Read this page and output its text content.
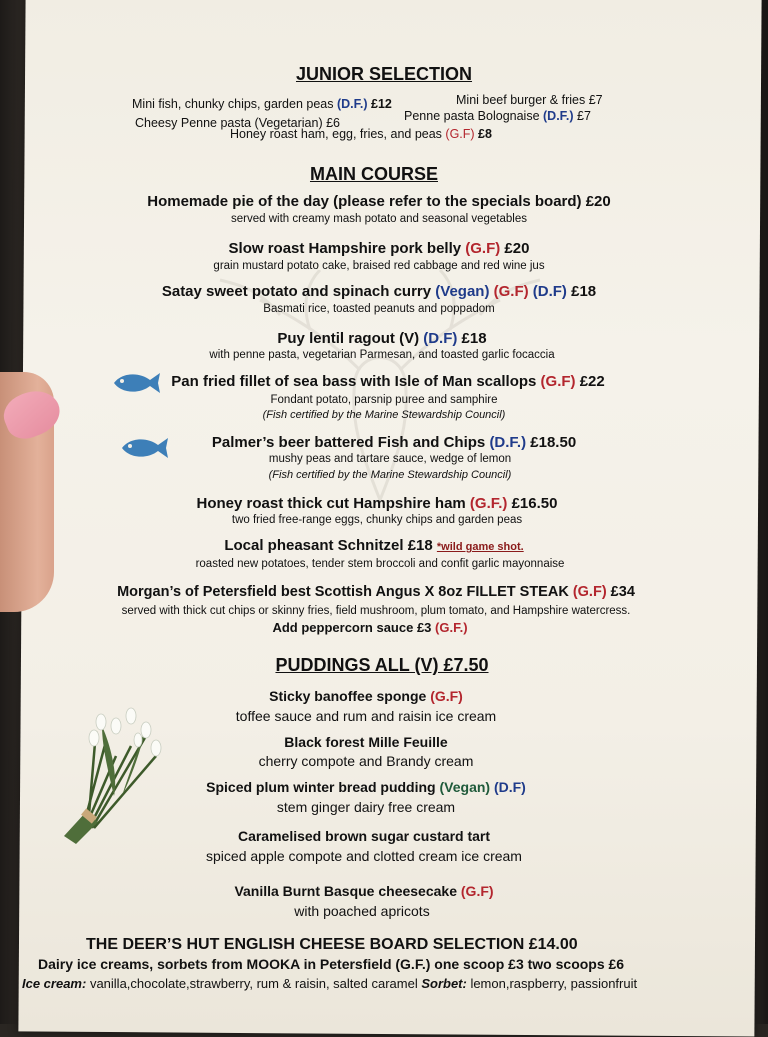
JUNIOR SELECTION
Mini fish, chunky chips, garden peas (D.F.) £12	Mini beef burger & fries £7
Cheesy Penne pasta (Vegetarian) £6	Penne pasta Bolognaise (D.F.) £7
Honey roast ham, egg, fries, and peas (G.F) £8
MAIN COURSE
Homemade pie of the day (please refer to the specials board) £20
served with creamy mash potato and seasonal vegetables
Slow roast Hampshire pork belly (G.F) £20
grain mustard potato cake, braised red cabbage and red wine jus
Satay sweet potato and spinach curry (Vegan) (G.F) (D.F) £18
Basmati rice, toasted peanuts and poppadom
Puy lentil ragout (V) (D.F) £18
with penne pasta, vegetarian Parmesan, and toasted garlic focaccia
Pan fried fillet of sea bass with Isle of Man scallops (G.F) £22
Fondant potato, parsnip puree and samphire
(Fish certified by the Marine Stewardship Council)
Palmer’s beer battered Fish and Chips (D.F.) £18.50
mushy peas and tartare sauce, wedge of lemon
(Fish certified by the Marine Stewardship Council)
Honey roast thick cut Hampshire ham (G.F.) £16.50
two fried free-range eggs, chunky chips and garden peas
Local pheasant Schnitzel £18 *wild game shot.
roasted new potatoes, tender stem broccoli and confit garlic mayonnaise
Morgan’s of Petersfield best Scottish Angus X 8oz FILLET STEAK (G.F) £34
served with thick cut chips or skinny fries, field mushroom, plum tomato, and Hampshire watercress.
Add peppercorn sauce £3 (G.F.)
PUDDINGS ALL (V) £7.50
Sticky banoffee sponge (G.F)
toffee sauce and rum and raisin ice cream
Black forest Mille Feuille
cherry compote and Brandy cream
Spiced plum winter bread pudding (Vegan) (D.F)
stem ginger dairy free cream
Caramelised brown sugar custard tart
spiced apple compote and clotted cream ice cream
Vanilla Burnt Basque cheesecake (G.F)
with poached apricots
THE DEER’S HUT ENGLISH CHEESE BOARD SELECTION £14.00
Dairy ice creams, sorbets from MOOKA in Petersfield (G.F.) one scoop £3 two scoops £6
Ice cream: vanilla,chocolate,strawberry, rum & raisin, salted caramel Sorbet: lemon,raspberry, passionfruit
